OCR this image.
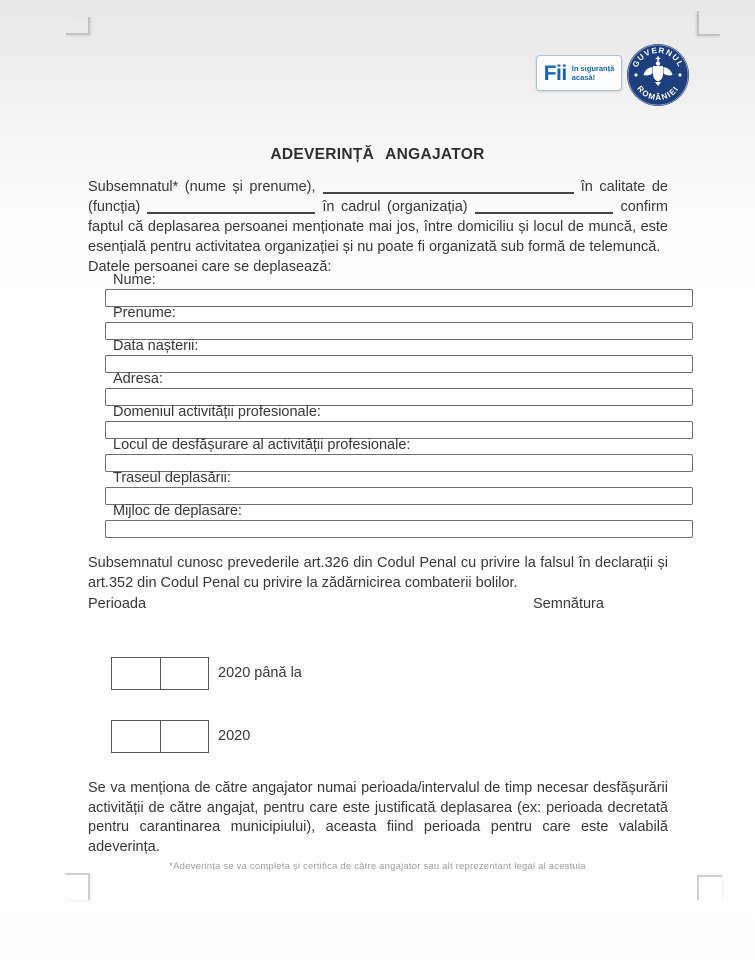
Fii în siguranță
acasă!
GUVERNUL
ROMÂNIEI
ADEVERINȚĂ ANGAJATOR
Subsemnatul* (nume și prenume),	în calitate de
(funcția)	în cadrul (organizația)	confirm
faptul că deplasarea persoanei menționate mai jos, între domiciliu și locul de muncă, este esențială pentru activitatea organizației și nu poate fi organizată sub formă de telemuncă.
Datele persoanei care se deplasează:
Nume:
Prenume:
Data nașterii:
Adresa:
Domeniul activității profesionale:
Locul de desfășurare al activității profesionale:
Traseul deplasării:
Mijloc de deplasare:
Subsemnatul cunosc prevederile art.326 din Codul Penal cu privire la falsul în declarații și art.352 din Codul Penal cu privire la zădărnicirea combaterii bolilor.
Perioada	Semnătura
2020 până la
2020
Se va menționa de către angajator numai perioada/intervalul de timp necesar desfășurării activității de către angajat, pentru care este justificată deplasarea (ex: perioada decretată pentru carantinarea municipiului), aceasta fiind perioada pentru care este valabilă adeverința.
*Adeverința se va completa și certifica de către angajator sau alt reprezentant legal al acestuia
